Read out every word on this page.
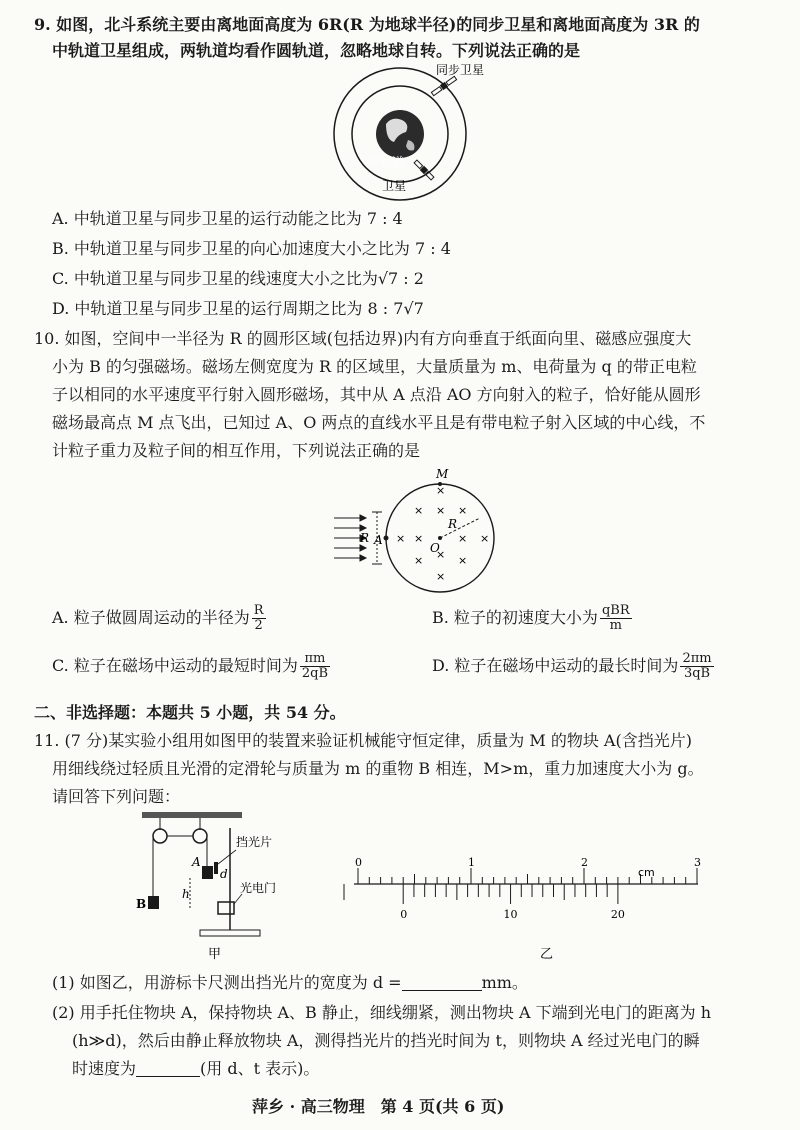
9. 如图，北斗系统主要由离地面高度为 6R(R 为地球半径)的同步卫星和离地面高度为 3R 的
中轨道卫星组成，两轨道均看作圆轨道，忽略地球自转。下列说法正确的是
同步卫星
中轨道
卫星
A. 中轨道卫星与同步卫星的运行动能之比为 7 : 4
B. 中轨道卫星与同步卫星的向心加速度大小之比为 7 : 4
C. 中轨道卫星与同步卫星的线速度大小之比为√7 : 2
D. 中轨道卫星与同步卫星的运行周期之比为 8 : 7√7
10. 如图，空间中一半径为 R 的圆形区域(包括边界)内有方向垂直于纸面向里、磁感应强度大
小为 B 的匀强磁场。磁场左侧宽度为 R 的区域里，大量质量为 m、电荷量为 q 的带正电粒
子以相同的水平速度平行射入圆形磁场，其中从 A 点沿 AO 方向射入的粒子，恰好能从圆形
磁场最高点 M 点飞出，已知过 A、O 两点的直线水平且是有带电粒子射入区域的中心线，不
计粒子重力及粒子间的相互作用，下列说法正确的是
R A
O
M
R
×
× × ×
× ×	× ×
× × ×
×
A. 粒子做圆周运动的半径为 $\frac{R}{2}$	B. 粒子的初速度大小为 $\frac{\text{qBR}}{m}$
C. 粒子在磁场中运动的最短时间为 $\frac{\pi m}{2qB}$	D. 粒子在磁场中运动的最长时间为 $\frac{2\pi m}{3qB}$
二、非选择题：本题共 5 小题，共 54 分。
11. (7 分)某实验小组用如图甲的装置来验证机械能守恒定律，质量为 M 的物块 A(含挡光片)
用细线绕过轻质且光滑的定滑轮与质量为 m 的重物 B 相连，M>m，重力加速度大小为 g。
请回答下列问题：
B
A
d
挡光片
h	光电门
甲
0	1	2	3
0	10	20
cm
乙
(1) 如图乙，用游标卡尺测出挡光片的宽度为 d =	mm。
(2) 用手托住物块 A，保持物块 A、B 静止，细线绷紧，测出物块 A 下端到光电门的距离为 h
(h≫d)，然后由静止释放物块 A，测得挡光片的挡光时间为 t，则物块 A 经过光电门的瞬
时速度为	(用 d、t 表示)。
萍乡 · 高三物理　第 4 页(共 6 页)
